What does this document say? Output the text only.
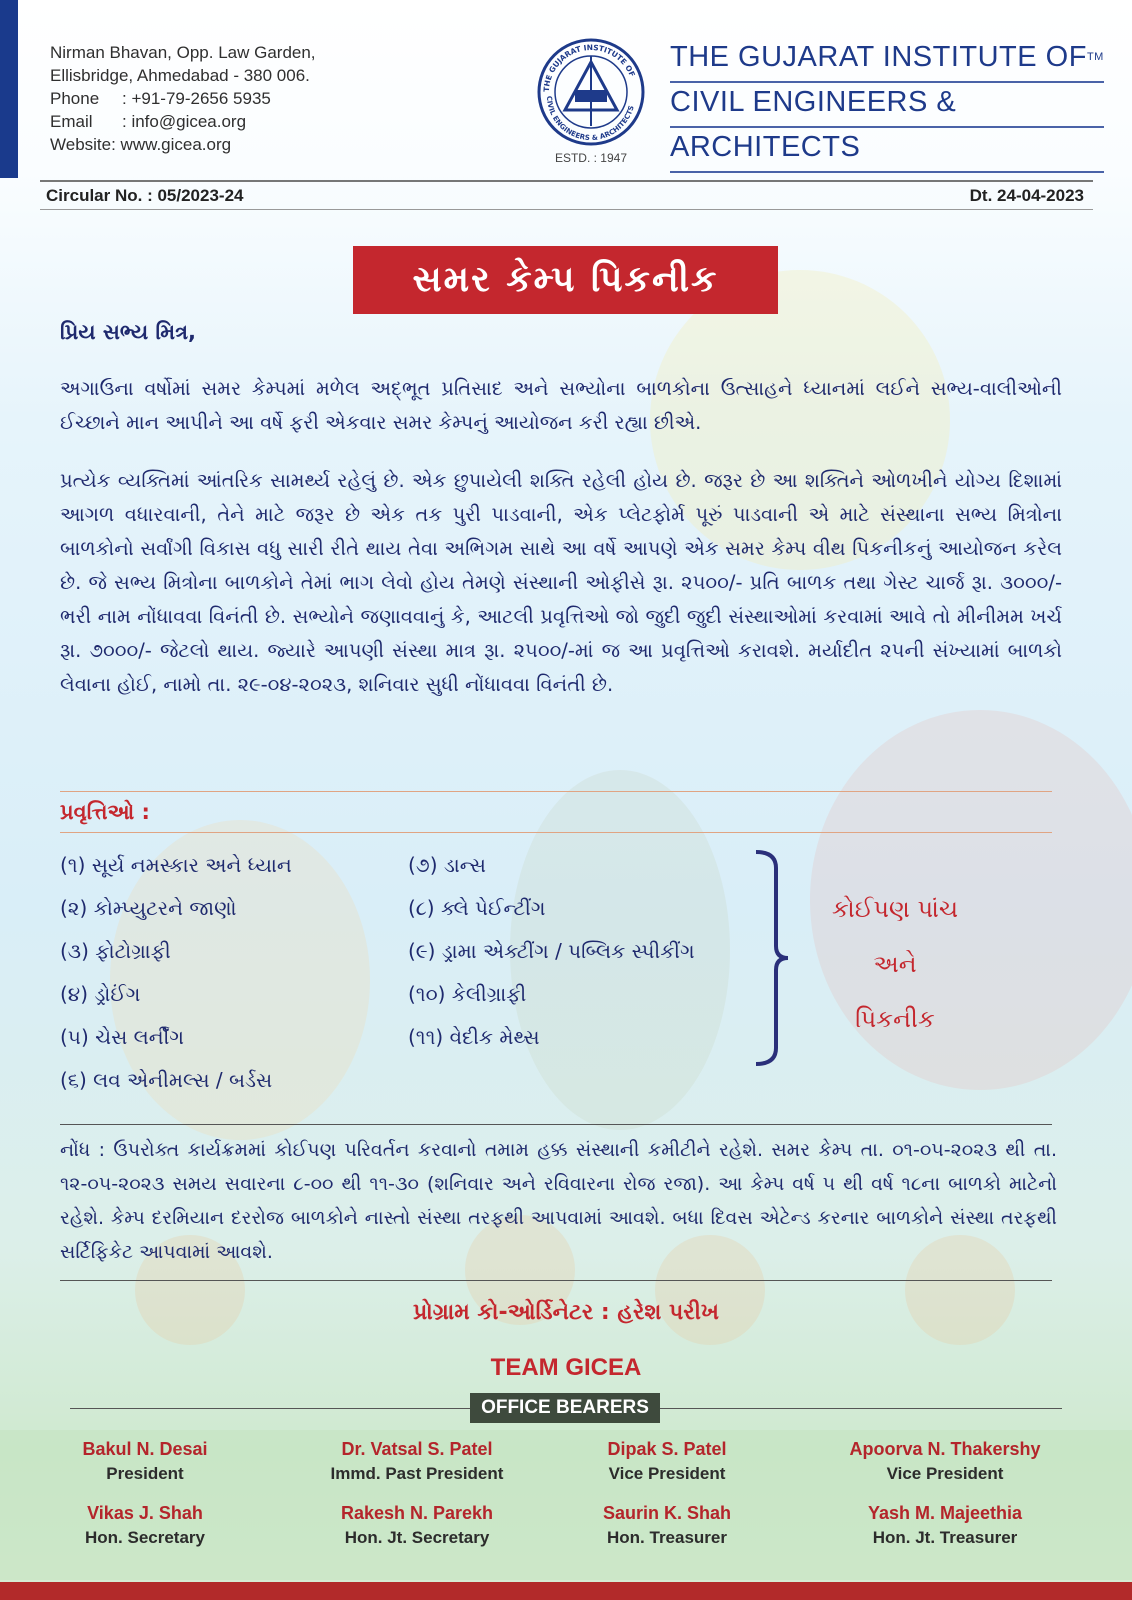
Nirman Bhavan, Opp. Law Garden,
Ellisbridge, Ahmedabad - 380 006.
Phone : +91-79-2656 5935
Email : info@gicea.org
Website: www.gicea.org
THE GUJARAT INSTITUTE OF
CIVIL ENGINEERS & ARCHITECTS
ESTD. : 1947
THE GUJARAT INSTITUTE OF™
CIVIL ENGINEERS &
ARCHITECTS
Circular No. : 05/2023-24	Dt. 24-04-2023
સમર કેમ્પ પિકનીક
પ્રિય સભ્ય મિત્ર,
અગાઉના વર્ષોમાં સમર કેમ્પમાં મળેલ અદ્ભૂત પ્રતિસાદ અને સભ્યોના બાળકોના ઉત્સાહને ધ્યાનમાં લઈને સભ્ય-વાલીઓની ઈચ્છાને માન આપીને આ વર્ષે ફરી એકવાર સમર કેમ્પનું આયોજન કરી રહ્યા છીએ.
પ્રત્યેક વ્યક્તિમાં આંતરિક સામર્થ્ય રહેલું છે. એક છુપાયેલી શક્તિ રહેલી હોય છે. જરૂર છે આ શક્તિને ઓળખીને યોગ્ય દિશામાં આગળ વધારવાની, તેને માટે જરૂર છે એક તક પુરી પાડવાની, એક પ્લેટફોર્મ પૂરું પાડવાની એ માટે સંસ્થાના સભ્ય મિત્રોના બાળકોનો સર્વાંગી વિકાસ વધુ સારી રીતે થાય તેવા અભિગમ સાથે આ વર્ષે આપણે એક સમર કેમ્પ વીથ પિકનીકનું આયોજન કરેલ છે. જે સભ્ય મિત્રોના બાળકોને તેમાં ભાગ લેવો હોય તેમણે સંસ્થાની ઓફીસે રૂા. ૨૫૦૦/- પ્રતિ બાળક તથા ગેસ્ટ ચાર્જ રૂા. ૩૦૦૦/- ભરી નામ નોંધાવવા વિનંતી છે. સભ્યોને જણાવવાનું કે, આટલી પ્રવૃત્તિઓ જો જુદી જુદી સંસ્થાઓમાં કરવામાં આવે તો મીનીમમ ખર્ચ રૂા. ૭૦૦૦/- જેટલો થાય. જ્યારે આપણી સંસ્થા માત્ર રૂા. ૨૫૦૦/-માં જ આ પ્રવૃત્તિઓ કરાવશે. મર્યાદીત ૨૫ની સંખ્યામાં બાળકો લેવાના હોઈ, નામો તા. ૨૯-૦૪-૨૦૨૩, શનિવાર સુધી નોંધાવવા વિનંતી છે.
પ્રવૃત્તિઓ :
(૧) સૂર્ય નમસ્કાર અને ધ્યાન
(૨) કોમ્પ્યુટરને જાણો
(૩) ફોટોગ્રાફી
(૪) ડ્રોઈંગ
(૫) ચેસ લર્નીંગ
(૬) લવ એનીમલ્સ / બર્ડસ
(૭) ડાન્સ
(૮) ક્લે પેઈન્ટીંગ
(૯) ડ્રામા એક્ટીંગ / પબ્લિક સ્પીકીંગ
(૧૦) કેલીગ્રાફી
(૧૧) વેદીક મેથ્સ
કોઈપણ પાંચ
અને
પિકનીક
નોંધ : ઉપરોક્ત કાર્યક્રમમાં કોઈપણ પરિવર્તન કરવાનો તમામ હક્ક સંસ્થાની કમીટીને રહેશે. સમર કેમ્પ તા. ૦૧-૦૫-૨૦૨૩ થી તા. ૧૨-૦૫-૨૦૨૩ સમય સવારના ૮-૦૦ થી ૧૧-૩૦ (શનિવાર અને રવિવારના રોજ રજા). આ કેમ્પ વર્ષ ૫ થી વર્ષ ૧૮ના બાળકો માટેનો રહેશે. કેમ્પ દરમિયાન દરરોજ બાળકોને નાસ્તો સંસ્થા તરફથી આપવામાં આવશે. બધા દિવસ એટેન્ડ કરનાર બાળકોને સંસ્થા તરફથી સર્ટિફિકેટ આપવામાં આવશે.
પ્રોગ્રામ કો-ઓર્ડિનેટર : હરેશ પરીખ
TEAM GICEA
OFFICE BEARERS
Bakul N. Desai
President
Dr. Vatsal S. Patel
Immd. Past President
Dipak S. Patel
Vice President
Apoorva N. Thakershy
Vice President
Vikas J. Shah
Hon. Secretary
Rakesh N. Parekh
Hon. Jt. Secretary
Saurin K. Shah
Hon. Treasurer
Yash M. Majeethia
Hon. Jt. Treasurer
